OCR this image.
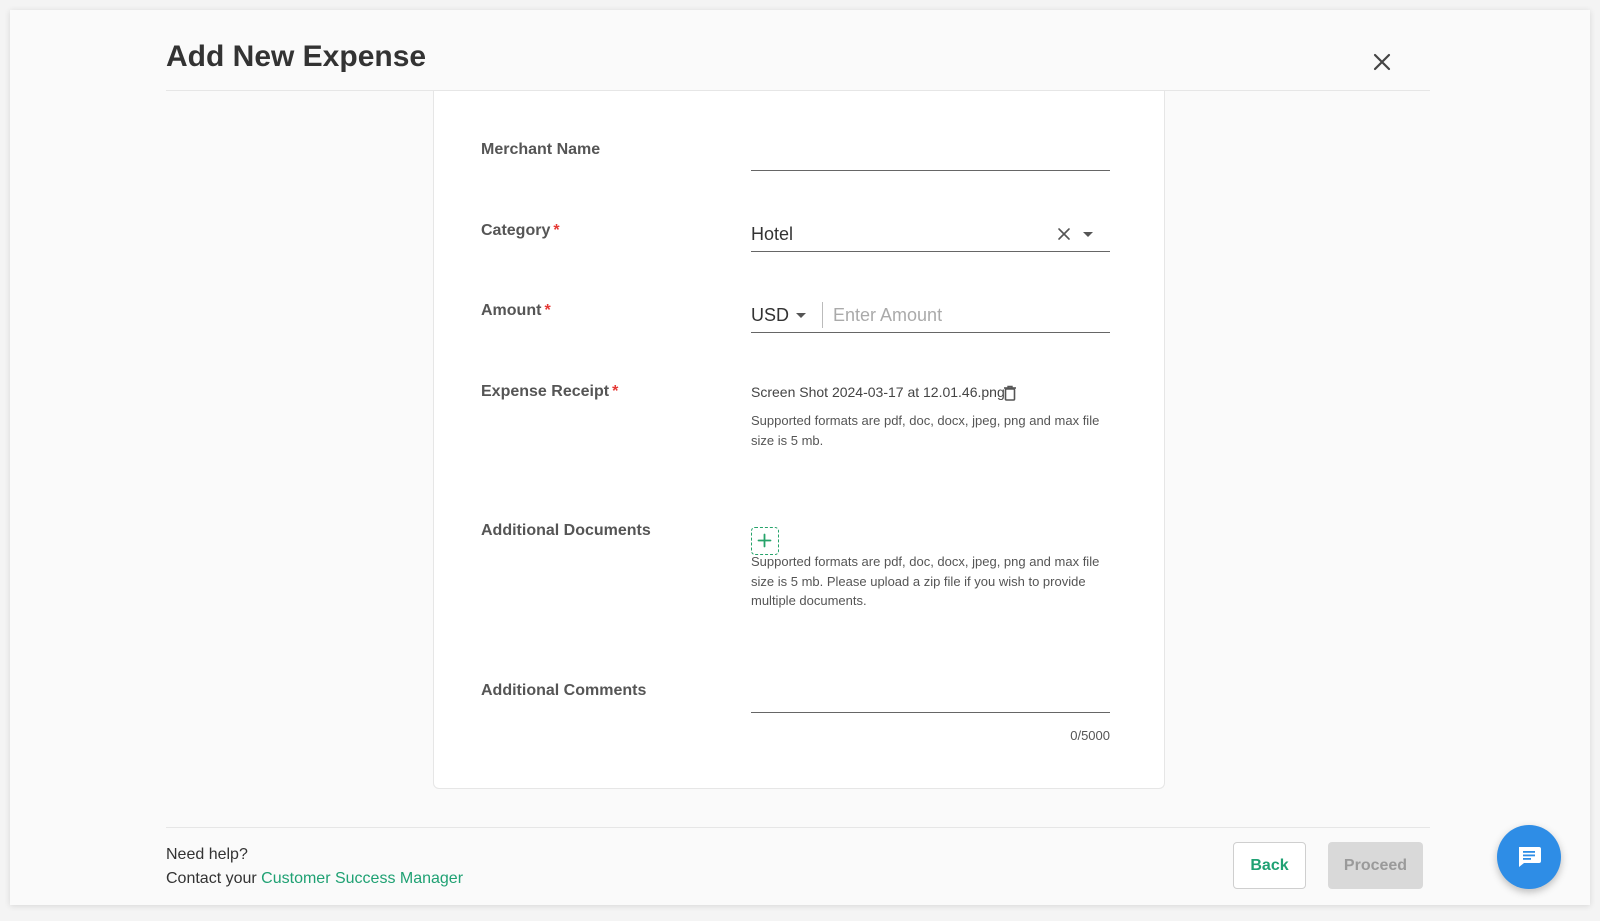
Add New Expense
Merchant Name
Category *	Hotel
Amount *	USD Enter Amount
Expense Receipt *	Screen Shot 2024-03-17 at 12.01.46.png
Supported formats are pdf, doc, docx, jpeg, png and max file size is 5 mb.
Additional Documents
Supported formats are pdf, doc, docx, jpeg, png and max file size is 5 mb. Please upload a zip file if you wish to provide multiple documents.
Additional Comments
0/5000
Need help?
Contact your Customer Success Manager
Back	Proceed
